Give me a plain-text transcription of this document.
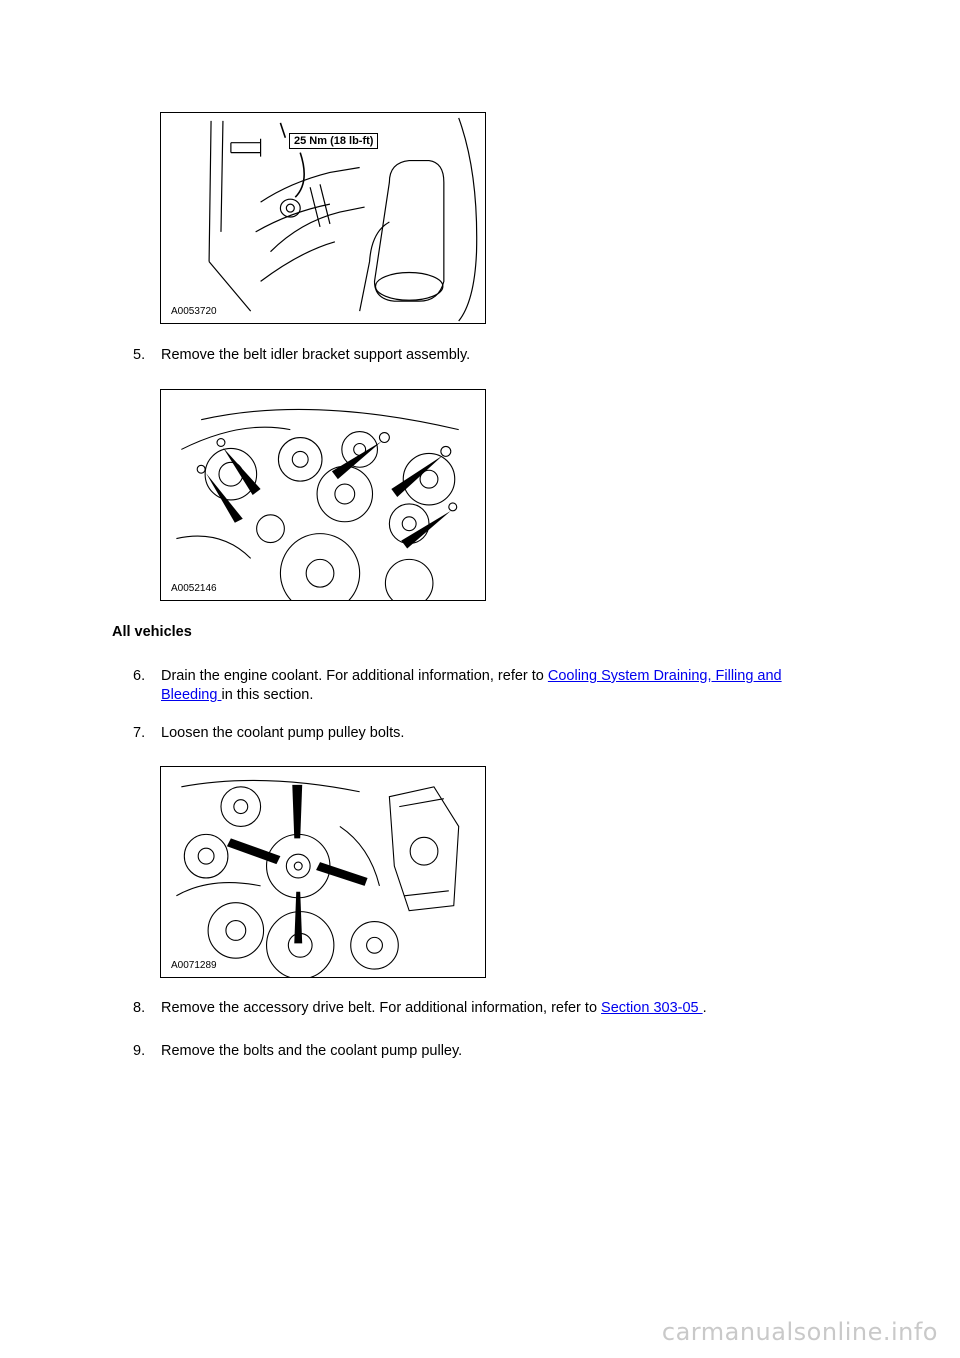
25 Nm (18 lb-ft)
A0053720
5. Remove the belt idler bracket support assembly.
A0052146
All vehicles
6. Drain the engine coolant. For additional information, refer to Cooling System Draining, Filling and Bleeding in this section.
7. Loosen the coolant pump pulley bolts.
A0071289
8. Remove the accessory drive belt. For additional information, refer to Section 303-05 .
9. Remove the bolts and the coolant pump pulley.
carmanualsonline.info
